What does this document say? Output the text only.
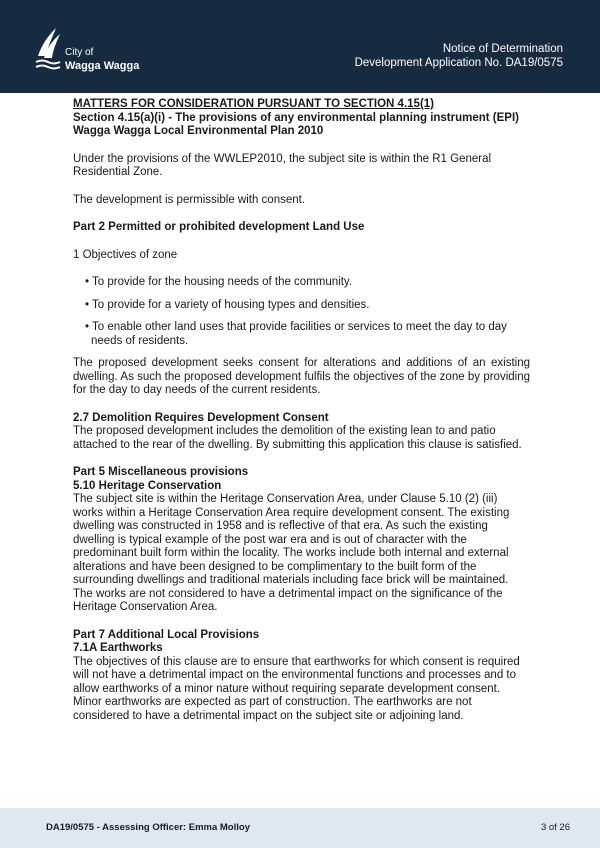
City of
Wagga Wagga
Notice of Determination
Development Application No. DA19/0575

MATTERS FOR CONSIDERATION PURSUANT TO SECTION 4.15(1)

Section 4.15(a)(i) - The provisions of any environmental planning instrument (EPI)

Wagga Wagga Local Environmental Plan 2010

Under the provisions of the WWLEP2010, the subject site is within the R1 General Residential Zone.

The development is permissible with consent.

Part 2 Permitted or prohibited development Land Use

1 Objectives of zone

• To provide for the housing needs of the community.

• To provide for a variety of housing types and densities.

• To enable other land uses that provide facilities or services to meet the day to day needs of residents.

The proposed development seeks consent for alterations and additions of an existing dwelling. As such the proposed development fulfils the objectives of the zone by providing for the day to day needs of the current residents.

2.7 Demolition Requires Development Consent

The proposed development includes the demolition of the existing lean to and patio attached to the rear of the dwelling. By submitting this application this clause is satisfied.

Part 5 Miscellaneous provisions

5.10 Heritage Conservation

The subject site is within the Heritage Conservation Area, under Clause 5.10 (2) (iii) works within a Heritage Conservation Area require development consent. The existing dwelling was constructed in 1958 and is reflective of that era. As such the existing dwelling is typical example of the post war era and is out of character with the predominant built form within the locality. The works include both internal and external alterations and have been designed to be complimentary to the built form of the surrounding dwellings and traditional materials including face brick will be maintained. The works are not considered to have a detrimental impact on the significance of the Heritage Conservation Area.

Part 7 Additional Local Provisions

7.1A Earthworks

The objectives of this clause are to ensure that earthworks for which consent is required will not have a detrimental impact on the environmental functions and processes and to allow earthworks of a minor nature without requiring separate development consent. Minor earthworks are expected as part of construction. The earthworks are not considered to have a detrimental impact on the subject site or adjoining land.

DA19/0575 - Assessing Officer: Emma Molloy	3 of 26
